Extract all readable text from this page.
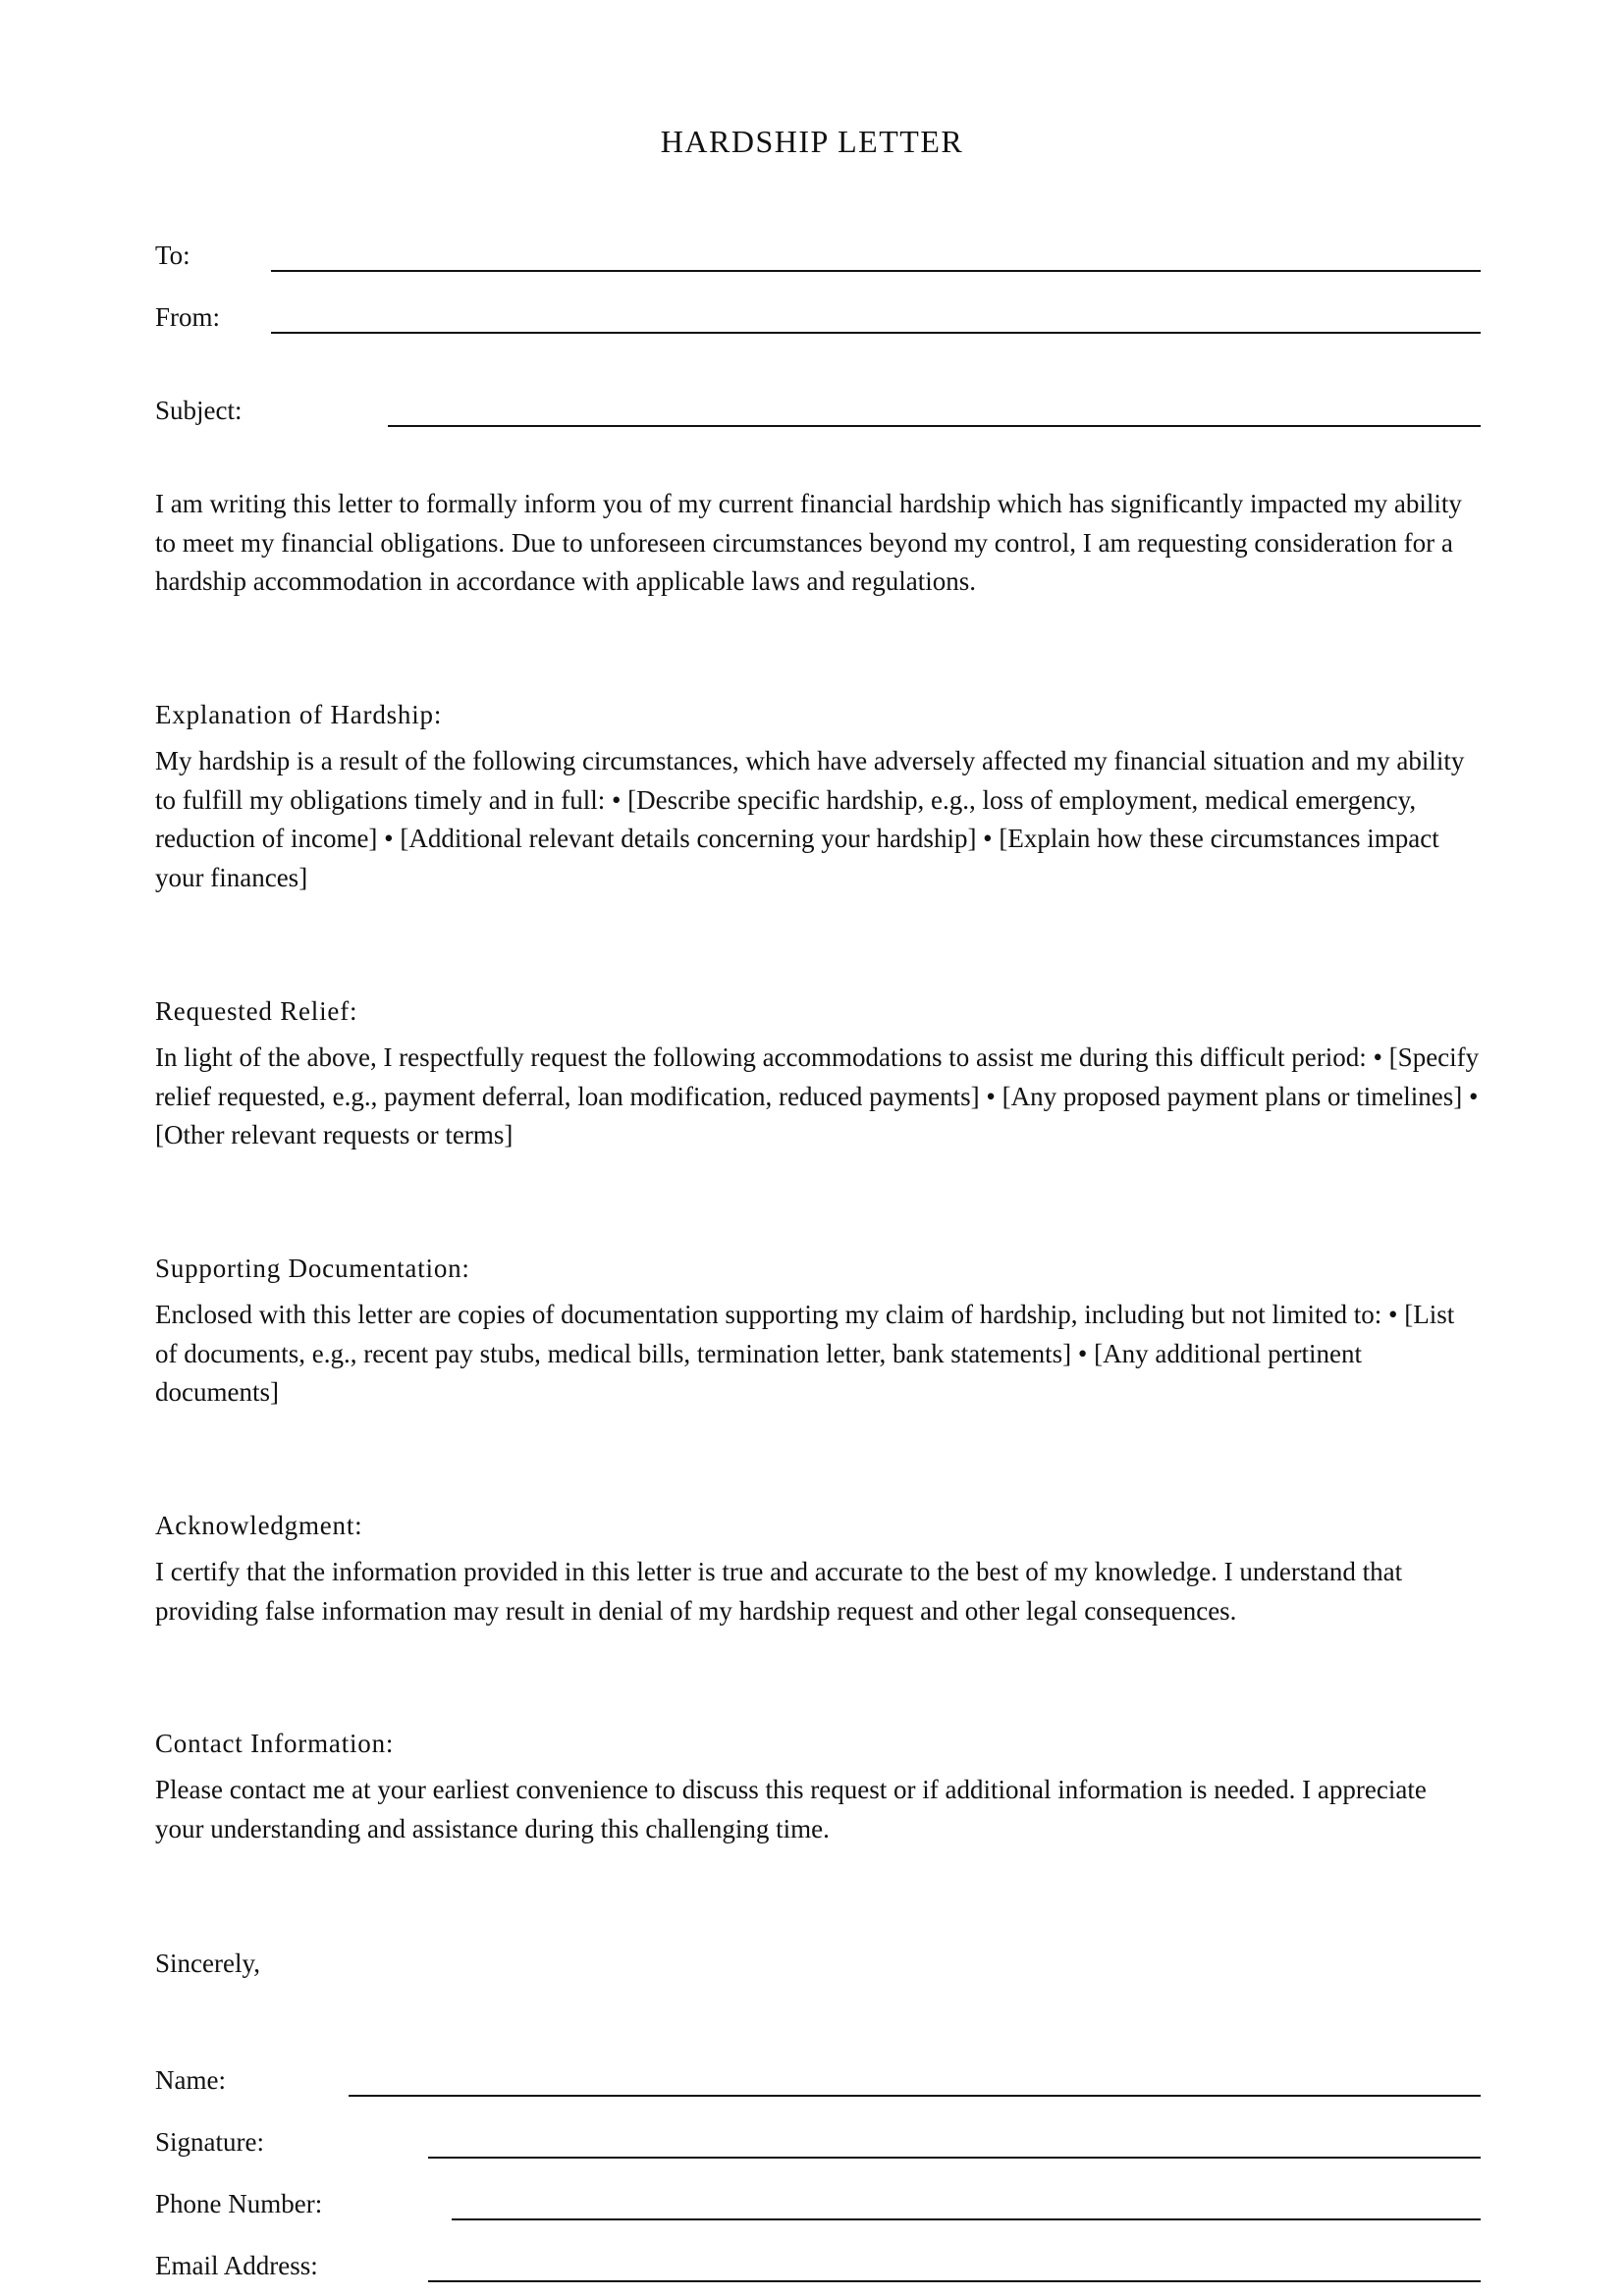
HARDSHIP LETTER
To:
From:
Subject:
I am writing this letter to formally inform you of my current financial hardship which has significantly impacted my ability to meet my financial obligations. Due to unforeseen circumstances beyond my control, I am requesting consideration for a hardship accommodation in accordance with applicable laws and regulations.
Explanation of Hardship:
My hardship is a result of the following circumstances, which have adversely affected my financial situation and my ability to fulfill my obligations timely and in full: • [Describe specific hardship, e.g., loss of employment, medical emergency, reduction of income] • [Additional relevant details concerning your hardship] • [Explain how these circumstances impact your finances]
Requested Relief:
In light of the above, I respectfully request the following accommodations to assist me during this difficult period: • [Specify relief requested, e.g., payment deferral, loan modification, reduced payments] • [Any proposed payment plans or timelines] • [Other relevant requests or terms]
Supporting Documentation:
Enclosed with this letter are copies of documentation supporting my claim of hardship, including but not limited to: • [List of documents, e.g., recent pay stubs, medical bills, termination letter, bank statements] • [Any additional pertinent documents]
Acknowledgment:
I certify that the information provided in this letter is true and accurate to the best of my knowledge. I understand that providing false information may result in denial of my hardship request and other legal consequences.
Contact Information:
Please contact me at your earliest convenience to discuss this request or if additional information is needed. I appreciate your understanding and assistance during this challenging time.
Sincerely,
Name:
Signature:
Phone Number:
Email Address:
